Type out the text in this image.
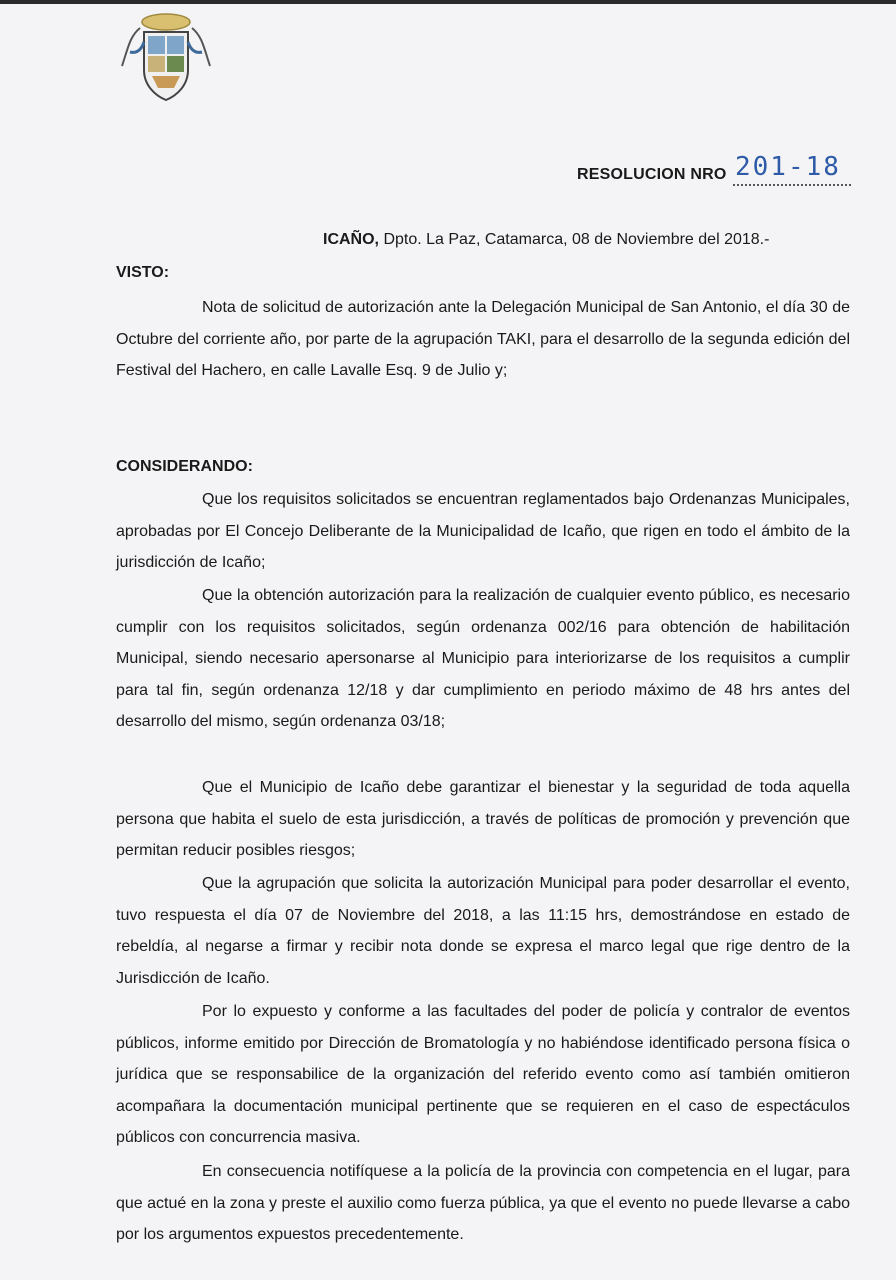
RESOLUCION NRO 201-18
ICAÑO, Dpto. La Paz, Catamarca, 08 de Noviembre del 2018.-
VISTO:

Nota de solicitud de autorización ante la Delegación Municipal de San Antonio, el día 30 de Octubre del corriente año, por parte de la agrupación TAKI, para el desarrollo de la segunda edición del Festival del Hachero, en calle Lavalle Esq. 9 de Julio y;

CONSIDERANDO:

Que los requisitos solicitados se encuentran reglamentados bajo Ordenanzas Municipales, aprobadas por El Concejo Deliberante de la Municipalidad de Icaño, que rigen en todo el ámbito de la jurisdicción de Icaño;

Que la obtención autorización para la realización de cualquier evento público, es necesario cumplir con los requisitos solicitados, según ordenanza 002/16 para obtención de habilitación Municipal, siendo necesario apersonarse al Municipio para interiorizarse de los requisitos a cumplir para tal fin, según ordenanza 12/18 y dar cumplimiento en periodo máximo de 48 hrs antes del desarrollo del mismo, según ordenanza 03/18;

Que el Municipio de Icaño debe garantizar el bienestar y la seguridad de toda aquella persona que habita el suelo de esta jurisdicción, a través de políticas de promoción y prevención que permitan reducir posibles riesgos;

Que la agrupación que solicita la autorización Municipal para poder desarrollar el evento, tuvo respuesta el día 07 de Noviembre del 2018, a las 11:15 hrs, demostrándose en estado de rebeldía, al negarse a firmar y recibir nota donde se expresa el marco legal que rige dentro de la Jurisdicción de Icaño.

Por lo expuesto y conforme a las facultades del poder de policía y contralor de eventos públicos, informe emitido por Dirección de Bromatología y no habiéndose identificado persona física o jurídica que se responsabilice de la organización del referido evento como así también omitieron acompañara la documentación municipal pertinente que se requieren en el caso de espectáculos públicos con concurrencia masiva.

En consecuencia notifíquese a la policía de la provincia con competencia en el lugar, para que actué en la zona y preste el auxilio como fuerza pública, ya que el evento no puede llevarse a cabo por los argumentos expuestos precedentemente.
